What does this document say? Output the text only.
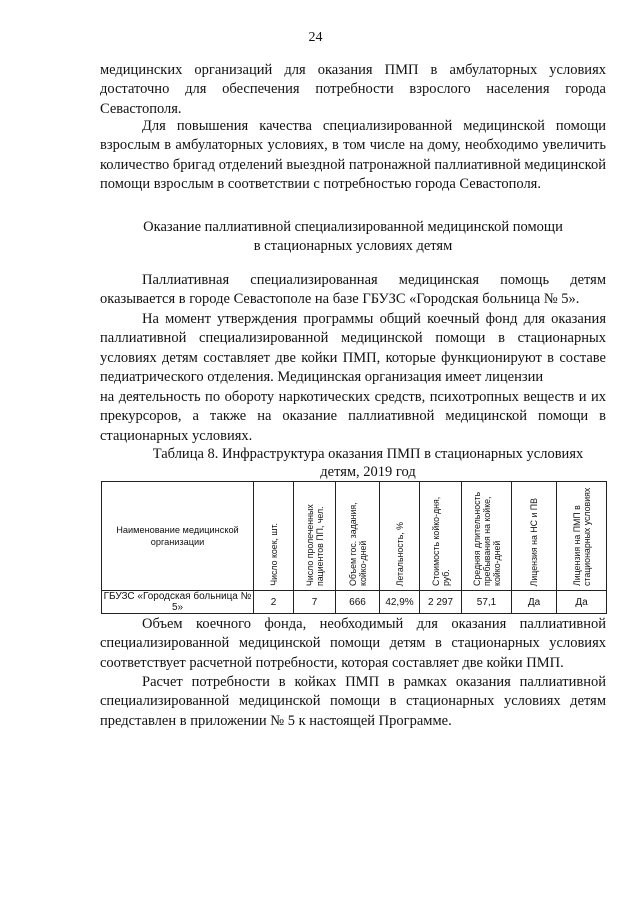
24

медицинских организаций для оказания ПМП в амбулаторных условиях достаточно для обеспечения потребности взрослого населения города Севастополя.

Для повышения качества специализированной медицинской помощи взрослым в амбулаторных условиях, в том числе на дому, необходимо увеличить количество бригад отделений выездной патронажной паллиативной медицинской помощи взрослым в соответствии с потребностью города Севастополя.

Оказание паллиативной специализированной медицинской помощи

в стационарных условиях детям

Паллиативная специализированная медицинская помощь детям оказывается в городе Севастополе на базе ГБУЗС «Городская больница № 5».

На момент утверждения программы общий коечный фонд для оказания паллиативной специализированной медицинской помощи в стационарных условиях детям составляет две койки ПМП, которые функционируют в составе педиатрического отделения. Медицинская организация имеет лицензии

на деятельность по обороту наркотических средств, психотропных веществ и их прекурсоров, а также на оказание паллиативной медицинской помощи в стационарных условиях.

Таблица 8. Инфраструктура оказания ПМП в стационарных условиях

детям, 2019 год

Наименование медицинской организации	Число коек, шт.	Число пролеченных пациентов ПП, чел.	Объем гос. задания, койко-дней	Летальность, %	Стоимость койко-дня, руб.	Средняя длительность пребывания на койке, койко-дней	Лицензия на НС и ПВ	Лицензия на ПМП в стационарных условиях

ГБУЗС «Городская больница № 5»	2	7	666	42,9%	2 297	57,1	Да	Да

Объем коечного фонда, необходимый для оказания паллиативной специализированной медицинской помощи детям в стационарных условиях соответствует расчетной потребности, которая составляет две койки ПМП.

Расчет потребности в койках ПМП в рамках оказания паллиативной специализированной медицинской помощи в стационарных условиях детям представлен в приложении № 5 к настоящей Программе.
